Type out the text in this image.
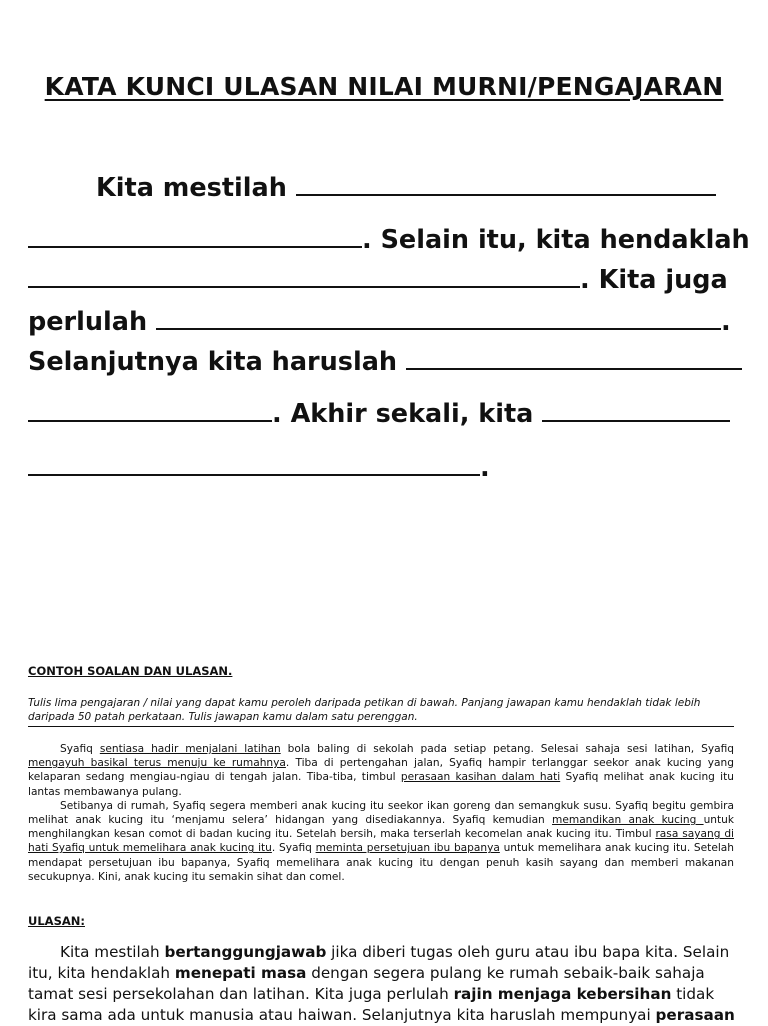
KATA KUNCI ULASAN NILAI MURNI/PENGAJARAN
Kita mestilah
. Selain itu, kita hendaklah
. Kita juga
perlulah	.
Selanjutnya kita haruslah
. Akhir sekali, kita
.
CONTOH SOALAN DAN ULASAN.
Tulis lima pengajaran / nilai yang dapat kamu peroleh daripada petikan di bawah. Panjang jawapan kamu hendaklah tidak lebih daripada 50 patah perkataan. Tulis jawapan kamu dalam satu perenggan.

Syafiq sentiasa hadir menjalani latihan bola baling di sekolah pada setiap petang. Selesai sahaja sesi latihan, Syafiq mengayuh basikal terus menuju ke rumahnya. Tiba di pertengahan jalan, Syafiq hampir terlanggar seekor anak kucing yang kelaparan sedang mengiau-ngiau di tengah jalan. Tiba-tiba, timbul perasaan kasihan dalam hati Syafiq melihat anak kucing itu lantas membawanya pulang.

Setibanya di rumah, Syafiq segera memberi anak kucing itu seekor ikan goreng dan semangkuk susu. Syafiq begitu gembira melihat anak kucing itu ‘menjamu selera’ hidangan yang disediakannya. Syafiq kemudian memandikan anak kucing untuk menghilangkan kesan comot di badan kucing itu. Setelah bersih, maka terserlah kecomelan anak kucing itu. Timbul rasa sayang di hati Syafiq untuk memelihara anak kucing itu. Syafiq meminta persetujuan ibu bapanya untuk memelihara anak kucing itu. Setelah mendapat persetujuan ibu bapanya, Syafiq memelihara anak kucing itu dengan penuh kasih sayang dan memberi makanan secukupnya. Kini, anak kucing itu semakin sihat dan comel.

ULASAN:

Kita mestilah bertanggungjawab jika diberi tugas oleh guru atau ibu bapa kita. Selain itu, kita hendaklah menepati masa dengan segera pulang ke rumah sebaik-baik sahaja tamat sesi persekolahan dan latihan. Kita juga perlulah rajin menjaga kebersihan tidak kira sama ada untuk manusia atau haiwan. Selanjutnya kita haruslah mempunyai perasaan
